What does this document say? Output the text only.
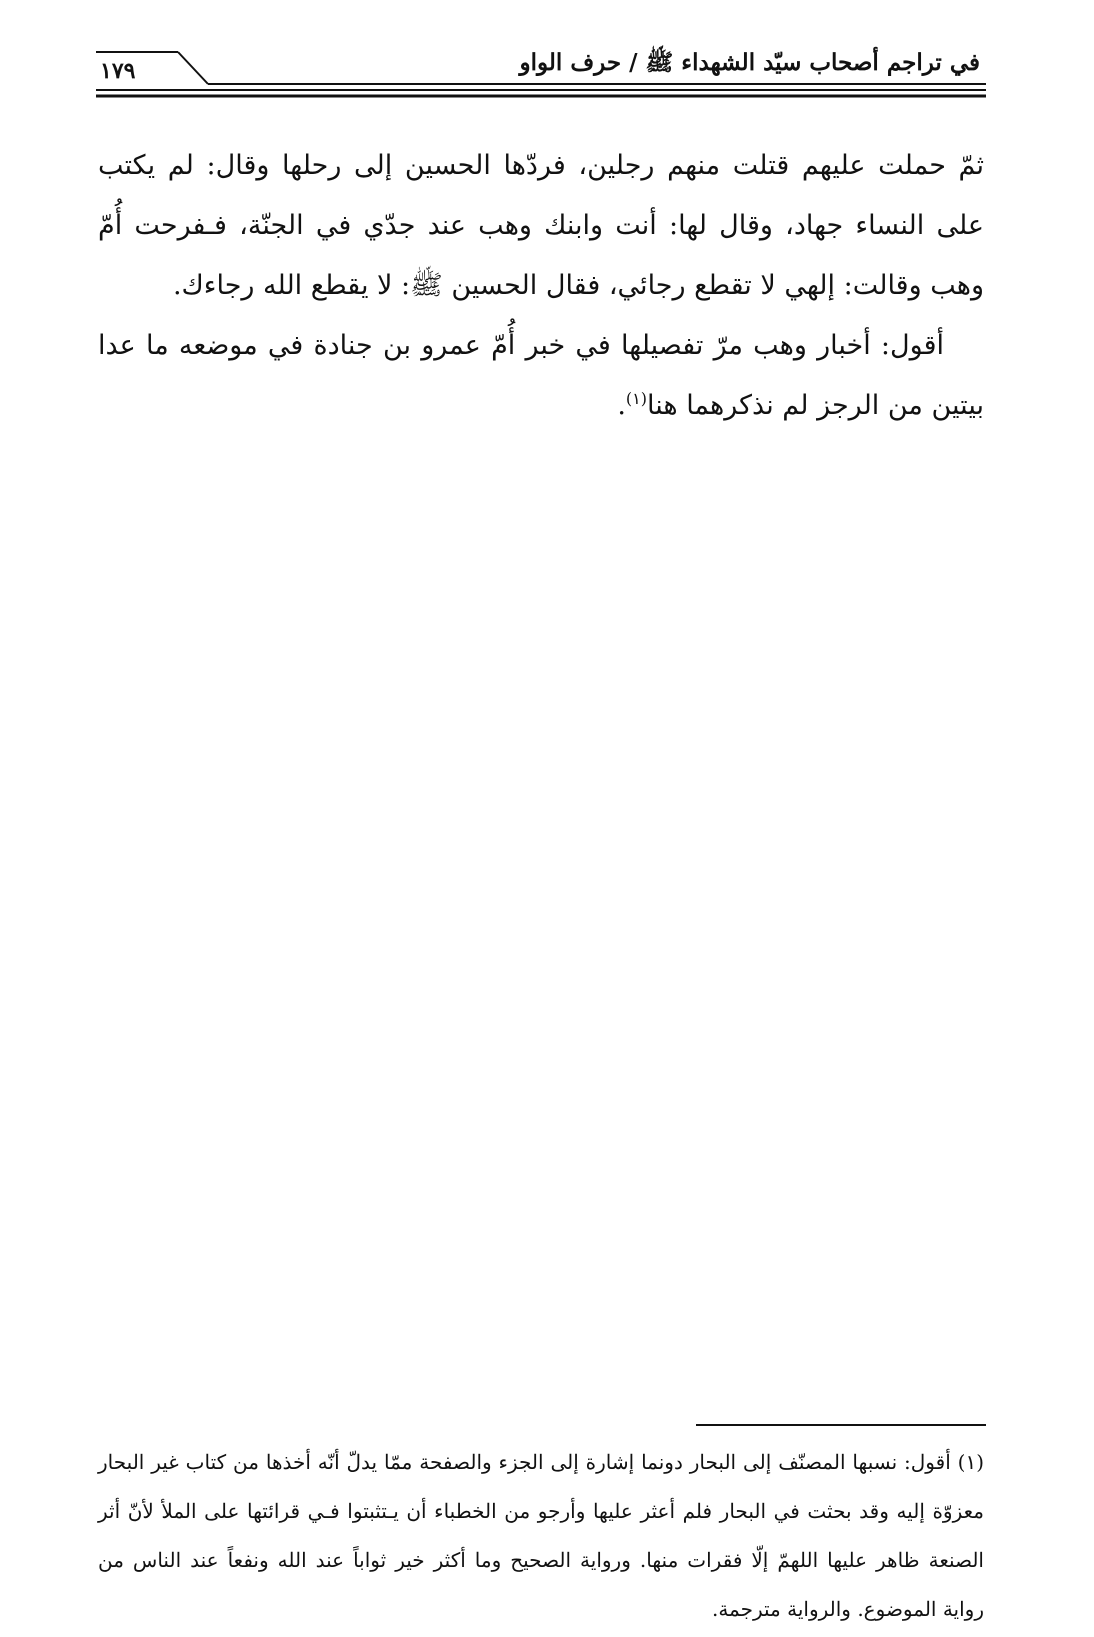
١٧٩	في تراجم أصحاب سيّد الشهداء ﷺ / حرف الواو

ثمّ حملت عليهم قتلت منهم رجلين، فردّها الحسين إلى رحلها وقال: لم يكتب على النساء جهاد، وقال لها: أنت وابنك وهب عند جدّي في الجنّة، فـفرحت أُمّ وهب وقالت: إلهي لا تقطع رجائي، فقال الحسين ﷺ: لا يقطع الله رجاءك.

أقول: أخبار وهب مرّ تفصيلها في خبر أُمّ عمرو بن جنادة في موضعه ما عدا بيتين من الرجز لم نذكرهما هنا$^{(١)}$.

(١) أقول: نسبها المصنّف إلى البحار دونما إشارة إلى الجزء والصفحة ممّا يدلّ أنّه أخذها من كتاب غير البحار معزوّة إليه وقد بحثت في البحار فلم أعثر عليها وأرجو من الخطباء أن يـتثبتوا فـي قرائتها على الملأ لأنّ أثر الصنعة ظاهر عليها اللهمّ إلّا فقرات منها. ورواية الصحيح وما أكثر خير ثواباً عند الله ونفعاً عند الناس من رواية الموضوع. والرواية مترجمة.
